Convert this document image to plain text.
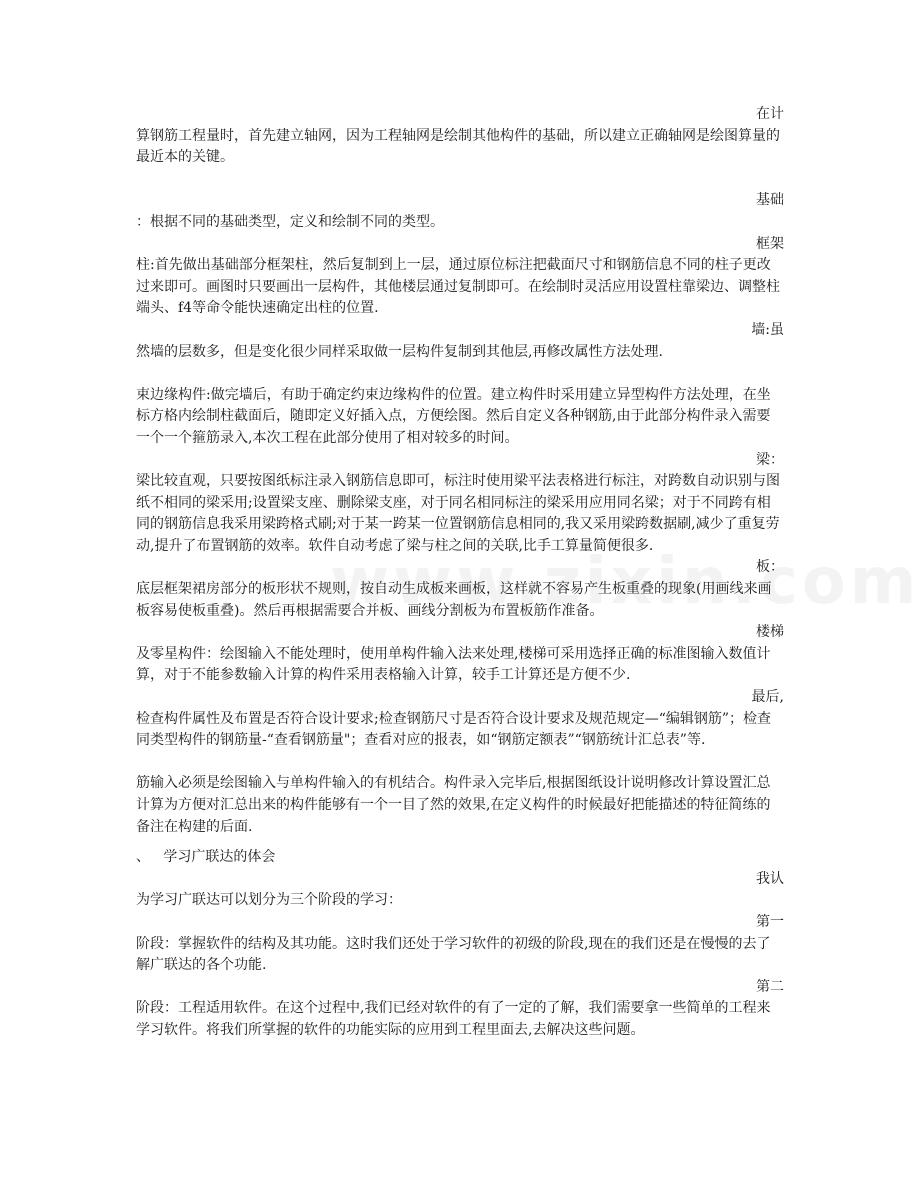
在计

算钢筋工程量时，首先建立轴网，因为工程轴网是绘制其他构件的基础，所以建立正确轴网是绘图算量的最近本的关键。

基础

：根据不同的基础类型，定义和绘制不同的类型。

框架

柱:首先做出基础部分框架柱，然后复制到上一层，通过原位标注把截面尺寸和钢筋信息不同的柱子更改过来即可。画图时只要画出一层构件，其他楼层通过复制即可。在绘制时灵活应用设置柱靠梁边、调整柱端头、f4等命令能快速确定出柱的位置.

墙:虽

然墙的层数多，但是变化很少同样采取做一层构件复制到其他层,再修改属性方法处理.

束边缘构件:做完墙后，有助于确定约束边缘构件的位置。建立构件时采用建立异型构件方法处理，在坐标方格内绘制柱截面后，随即定义好插入点，方便绘图。然后自定义各种钢筋,由于此部分构件录入需要一个一个箍筋录入,本次工程在此部分使用了相对较多的时间。

梁：

梁比较直观，只要按图纸标注录入钢筋信息即可，标注时使用梁平法表格进行标注，对跨数自动识别与图纸不相同的梁采用;设置梁支座、删除梁支座，对于同名相同标注的梁采用应用同名梁；对于不同跨有相同的钢筋信息我采用梁跨格式刷;对于某一跨某一位置钢筋信息相同的,我又采用梁跨数据刷,减少了重复劳动,提升了布置钢筋的效率。软件自动考虑了梁与柱之间的关联,比手工算量简便很多.

板：

底层框架裙房部分的板形状不规则，按自动生成板来画板，这样就不容易产生板重叠的现象(用画线来画板容易使板重叠)。然后再根据需要合并板、画线分割板为布置板筋作准备。

楼梯

及零星构件：绘图输入不能处理时，使用单构件输入法来处理,楼梯可采用选择正确的标准图输入数值计算，对于不能参数输入计算的构件采用表格输入计算，较手工计算还是方便不少.

最后,

检查构件属性及布置是否符合设计要求;检查钢筋尺寸是否符合设计要求及规范规定—“编辑钢筋”；检查同类型构件的钢筋量-“查看钢筋量"；查看对应的报表，如“钢筋定额表”“钢筋统计汇总表”等.

筋输入必须是绘图输入与单构件输入的有机结合。构件录入完毕后,根据图纸设计说明修改计算设置汇总计算为方便对汇总出来的构件能够有一个一目了然的效果,在定义构件的时候最好把能描述的特征简练的备注在构建的后面.

、   学习广联达的体会
我认

为学习广联达可以划分为三个阶段的学习：

第一

阶段：掌握软件的结构及其功能。这时我们还处于学习软件的初级的阶段,现在的我们还是在慢慢的去了解广联达的各个功能.

第二

阶段：工程适用软件。在这个过程中,我们已经对软件的有了一定的了解，我们需要拿一些简单的工程来学习软件。将我们所掌握的软件的功能实际的应用到工程里面去,去解决这些问题。
